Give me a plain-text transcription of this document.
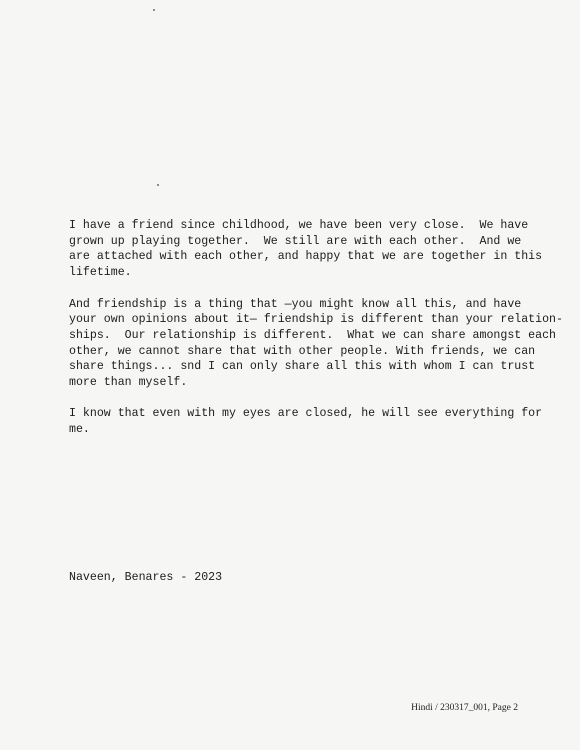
I have a friend since childhood, we have been very close.  We have
grown up playing together.  We still are with each other.  And we
are attached with each other, and happy that we are together in this
lifetime.
And friendship is a thing that —you might know all this, and have
your own opinions about it— friendship is different than your relation-
ships.  Our relationship is different.  What we can share amongst each
other, we cannot share that with other people. With friends, we can
share things... snd I can only share all this with whom I can trust
more than myself.
I know that even with my eyes are closed, he will see everything for
me.
Naveen, Benares - 2023
Hindi / 230317_001, Page 2
